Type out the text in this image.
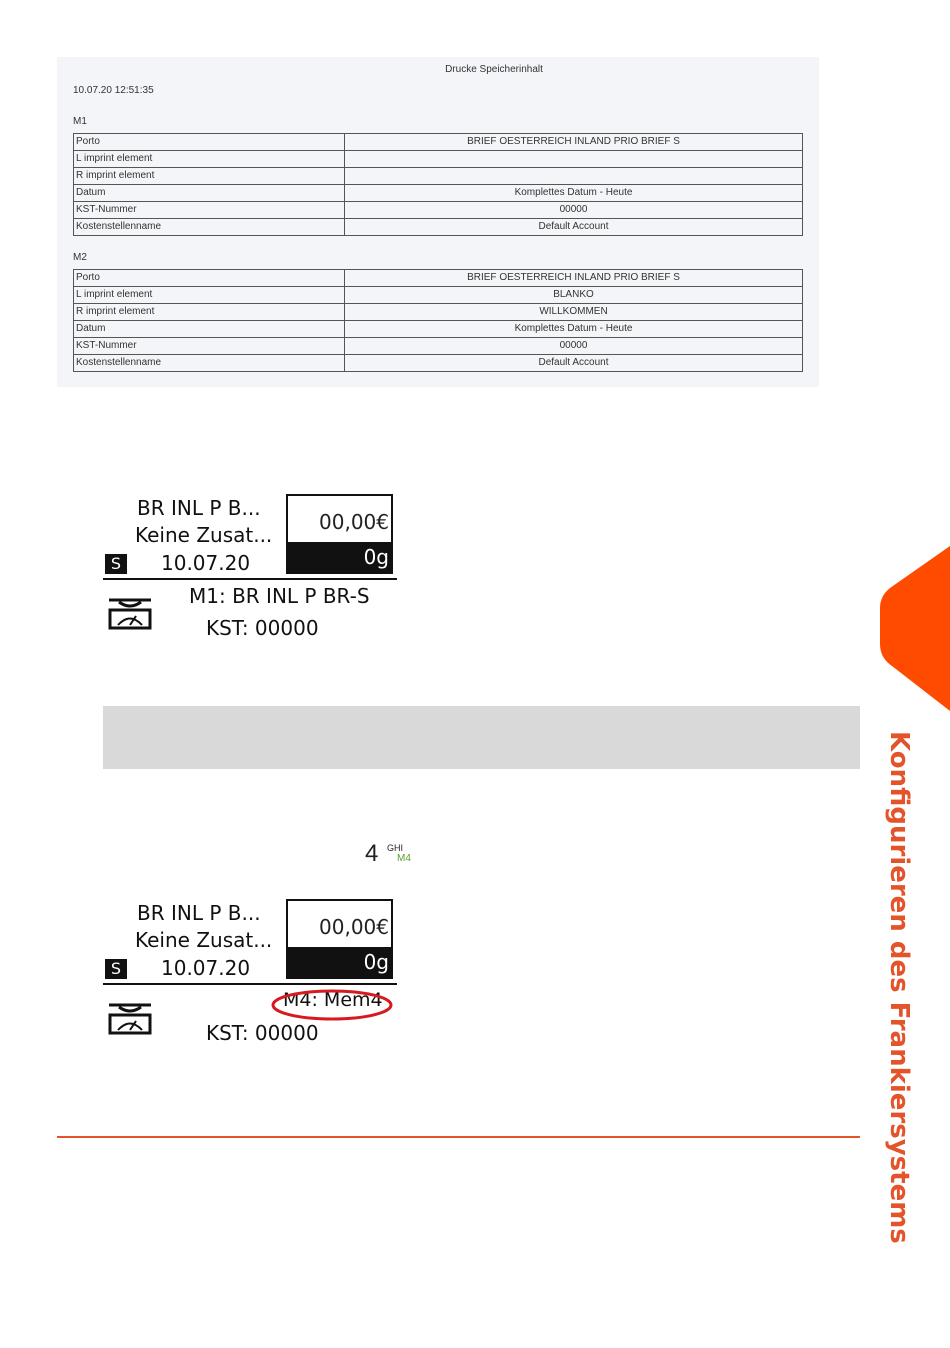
Drucke Speicherinhalt
10.07.20 12:51:35
M1
Porto	BRIEF OESTERREICH INLAND PRIO BRIEF S
L imprint element	
R imprint element	
Datum	Komplettes Datum - Heute
KST-Nummer	00000
Kostenstellenname	Default Account
M2
Porto	BRIEF OESTERREICH INLAND PRIO BRIEF S
L imprint element	BLANKO
R imprint element	WILLKOMMEN
Datum	Komplettes Datum - Heute
KST-Nummer	00000
Kostenstellenname	Default Account
BR INL P B...
Keine Zusat...
S 10.07.20
00,00€
0g
M1: BR INL P BR-S
KST: 00000
4 GHI
M4
BR INL P B...
Keine Zusat...
S 10.07.20
00,00€
0g
M4: Mem4
KST: 00000	Konfigurieren des Frankiersystems
